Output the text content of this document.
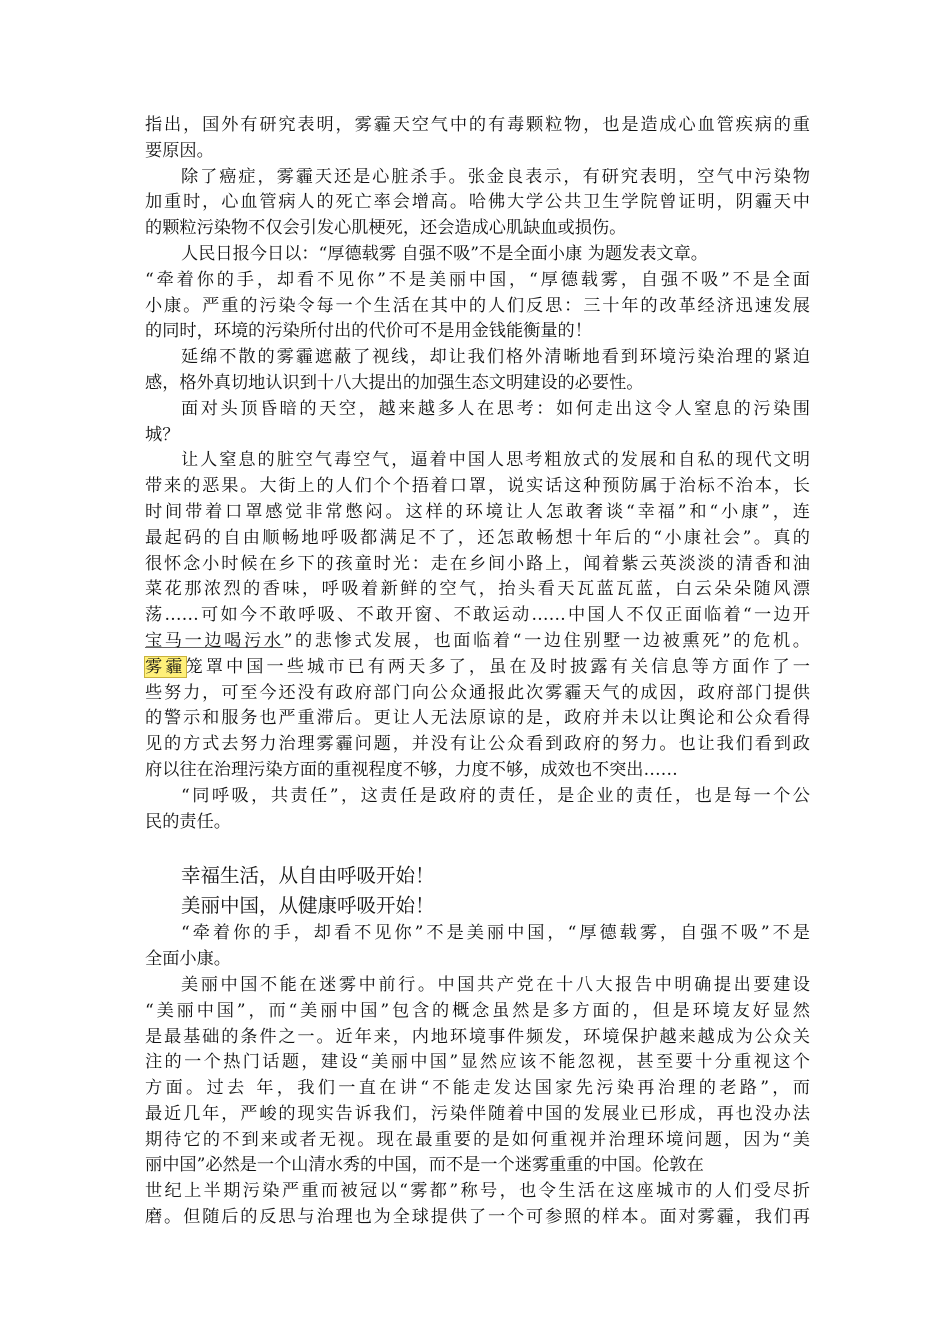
指出，国外有研究表明，雾霾天空气中的有毒颗粒物，也是造成心血管疾病的重
要原因。
除了癌症，雾霾天还是心脏杀手。张金良表示，有研究表明，空气中污染物
加重时，心血管病人的死亡率会增高。哈佛大学公共卫生学院曾证明，阴霾天中
的颗粒污染物不仅会引发心肌梗死，还会造成心肌缺血或损伤。
人民日报今日以：“厚德载雾 自强不吸”不是全面小康 为题发表文章。
“牵着你的手，却看不见你”不是美丽中国，“厚德载雾，自强不吸”不是全面
小康。严重的污染令每一个生活在其中的人们反思：三十年的改革经济迅速发展
的同时，环境的污染所付出的代价可不是用金钱能衡量的！
延绵不散的雾霾遮蔽了视线，却让我们格外清晰地看到环境污染治理的紧迫
感，格外真切地认识到十八大提出的加强生态文明建设的必要性。
面对头顶昏暗的天空，越来越多人在思考：如何走出这令人窒息的污染围
城？
让人窒息的脏空气毒空气，逼着中国人思考粗放式的发展和自私的现代文明
带来的恶果。大街上的人们个个捂着口罩，说实话这种预防属于治标不治本，长
时间带着口罩感觉非常憋闷。这样的环境让人怎敢奢谈“幸福”和“小康”，连
最起码的自由顺畅地呼吸都满足不了，还怎敢畅想十年后的“小康社会”。真的
很怀念小时候在乡下的孩童时光：走在乡间小路上，闻着紫云英淡淡的清香和油
菜花那浓烈的香味，呼吸着新鲜的空气，抬头看天瓦蓝瓦蓝，白云朵朵随风漂
荡……可如今不敢呼吸、不敢开窗、不敢运动……中国人不仅正面临着“一边开
宝马一边喝污水”的悲惨式发展，也面临着“一边住别墅一边被熏死”的危机。
雾霾笼罩中国一些城市已有两天多了，虽在及时披露有关信息等方面作了一
些努力，可至今还没有政府部门向公众通报此次雾霾天气的成因，政府部门提供
的警示和服务也严重滞后。更让人无法原谅的是，政府并未以让舆论和公众看得
见的方式去努力治理雾霾问题，并没有让公众看到政府的努力。也让我们看到政
府以往在治理污染方面的重视程度不够，力度不够，成效也不突出……
“同呼吸，共责任”，这责任是政府的责任，是企业的责任，也是每一个公
民的责任。
幸福生活，从自由呼吸开始！
美丽中国，从健康呼吸开始！
“牵着你的手，却看不见你”不是美丽中国，“厚德载雾，自强不吸”不是
全面小康。
美丽中国不能在迷雾中前行。中国共产党在十八大报告中明确提出要建设
“美丽中国”，而“美丽中国”包含的概念虽然是多方面的，但是环境友好显然
是最基础的条件之一。近年来，内地环境事件频发，环境保护越来越成为公众关
注的一个热门话题，建设“美丽中国”显然应该不能忽视，甚至要十分重视这个
方面。过去 年，我们一直在讲“不能走发达国家先污染再治理的老路”，而
最近几年，严峻的现实告诉我们，污染伴随着中国的发展业已形成，再也没办法
期待它的不到来或者无视。现在最重要的是如何重视并治理环境问题，因为“美
丽中国”必然是一个山清水秀的中国，而不是一个迷雾重重的中国。伦敦在
世纪上半期污染严重而被冠以“雾都”称号，也令生活在这座城市的人们受尽折
磨。但随后的反思与治理也为全球提供了一个可参照的样本。面对雾霾，我们再
